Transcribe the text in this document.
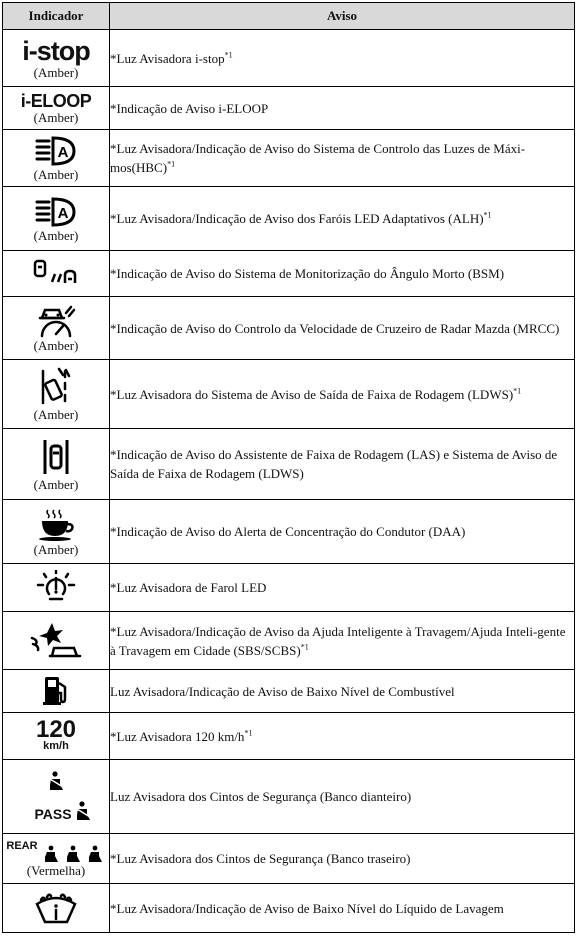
Indicador	Aviso

i-stop
(Amber)	*Luz Avisadora i-stop$^{*1}$

i-ELOOP
(Amber)	*Indicação de Aviso i-ELOOP

A
(Amber)	*Luz Avisadora/Indicação de Aviso do Sistema de Controlo das Luzes de Máxi-mos(HBC)$^{*1}$

A
(Amber)	*Luz Avisadora/Indicação de Aviso dos Faróis LED Adaptativos (ALH)$^{*1}$

	*Indicação de Aviso do Sistema de Monitorização do Ângulo Morto (BSM)

(Amber)	*Indicação de Aviso do Controlo da Velocidade de Cruzeiro de Radar Mazda (MRCC)

(Amber)	*Luz Avisadora do Sistema de Aviso de Saída de Faixa de Rodagem (LDWS)$^{*1}$

(Amber)	*Indicação de Aviso do Assistente de Faixa de Rodagem (LAS) e Sistema de Aviso de Saída de Faixa de Rodagem (LDWS)

(Amber)	*Indicação de Aviso do Alerta de Concentração do Condutor (DAA)

	*Luz Avisadora de Farol LED

	*Luz Avisadora/Indicação de Aviso da Ajuda Inteligente à Travagem/Ajuda Inteli-gente à Travagem em Cidade (SBS/SCBS)$^{*1}$

	Luz Avisadora/Indicação de Aviso de Baixo Nível de Combustível

120
km/h	*Luz Avisadora 120 $km/h^{*1}$

PASS	Luz Avisadora dos Cintos de Segurança (Banco dianteiro)

REAR
(Vermelha)	*Luz Avisadora dos Cintos de Segurança (Banco traseiro)

	*Luz Avisadora/Indicação de Aviso de Baixo Nível do Líquido de Lavagem
